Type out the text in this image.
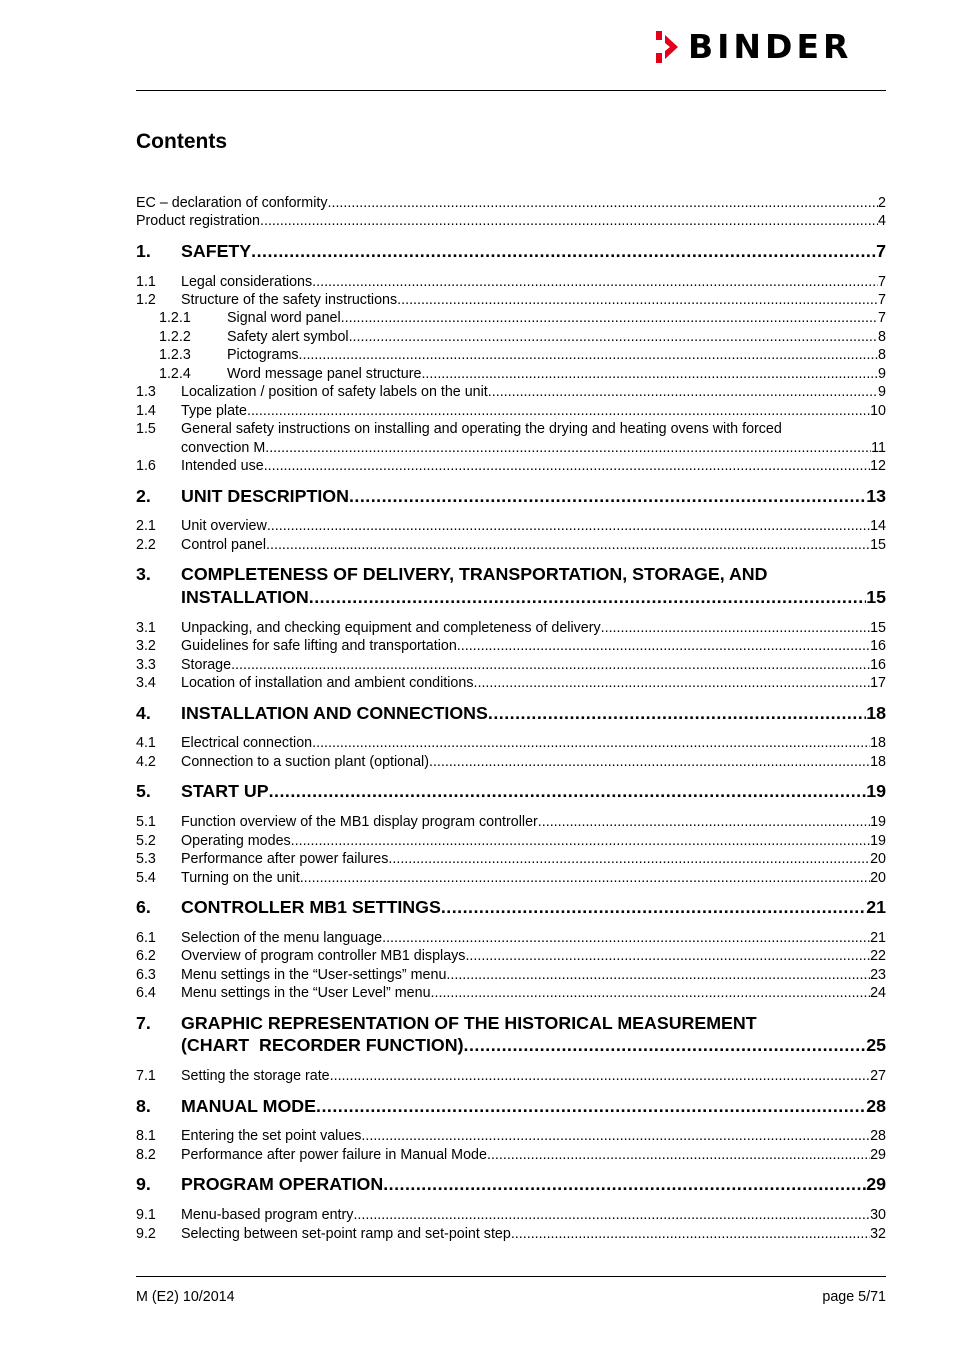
BINDER
Contents
EC – declaration of conformity .....	2
Product registration .....	4
1.	SAFETY .....	7
1.1	Legal considerations .....	7
1.2	Structure of the safety instructions .....	7
1.2.1	Signal word panel .....	7
1.2.2	Safety alert symbol .....	8
1.2.3	Pictograms .....	8
1.2.4	Word message panel structure .....	9
1.3	Localization / position of safety labels on the unit .....	9
1.4	Type plate .....	10
1.5	General safety instructions on installing and operating the drying and heating ovens with forced
convection M .....	11
1.6	Intended use .....	12
2.	UNIT DESCRIPTION .....	13
2.1	Unit overview .....	14
2.2	Control panel .....	15
3.	COMPLETENESS OF DELIVERY, TRANSPORTATION, STORAGE, AND
INSTALLATION .....	15
3.1	Unpacking, and checking equipment and completeness of delivery .....	15
3.2	Guidelines for safe lifting and transportation .....	16
3.3	Storage .....	16
3.4	Location of installation and ambient conditions .....	17
4.	INSTALLATION AND CONNECTIONS .....	18
4.1	Electrical connection .....	18
4.2	Connection to a suction plant (optional) .....	18
5.	START UP .....	19
5.1	Function overview of the MB1 display program controller .....	19
5.2	Operating modes .....	19
5.3	Performance after power failures .....	20
5.4	Turning on the unit .....	20
6.	CONTROLLER MB1 SETTINGS .....	21
6.1	Selection of the menu language .....	21
6.2	Overview of program controller MB1 displays .....	22
6.3	Menu settings in the “User-settings” menu .....	23
6.4	Menu settings in the “User Level” menu .....	24
7.	GRAPHIC REPRESENTATION OF THE HISTORICAL MEASUREMENT
(CHART  RECORDER FUNCTION) .....	25
7.1	Setting the storage rate .....	27
8.	MANUAL MODE .....	28
8.1	Entering the set point values .....	28
8.2	Performance after power failure in Manual Mode .....	29
9.	PROGRAM OPERATION .....	29
9.1	Menu-based program entry .....	30
9.2	Selecting between set-point ramp and set-point step .....	32
M (E2) 10/2014	page 5/71
